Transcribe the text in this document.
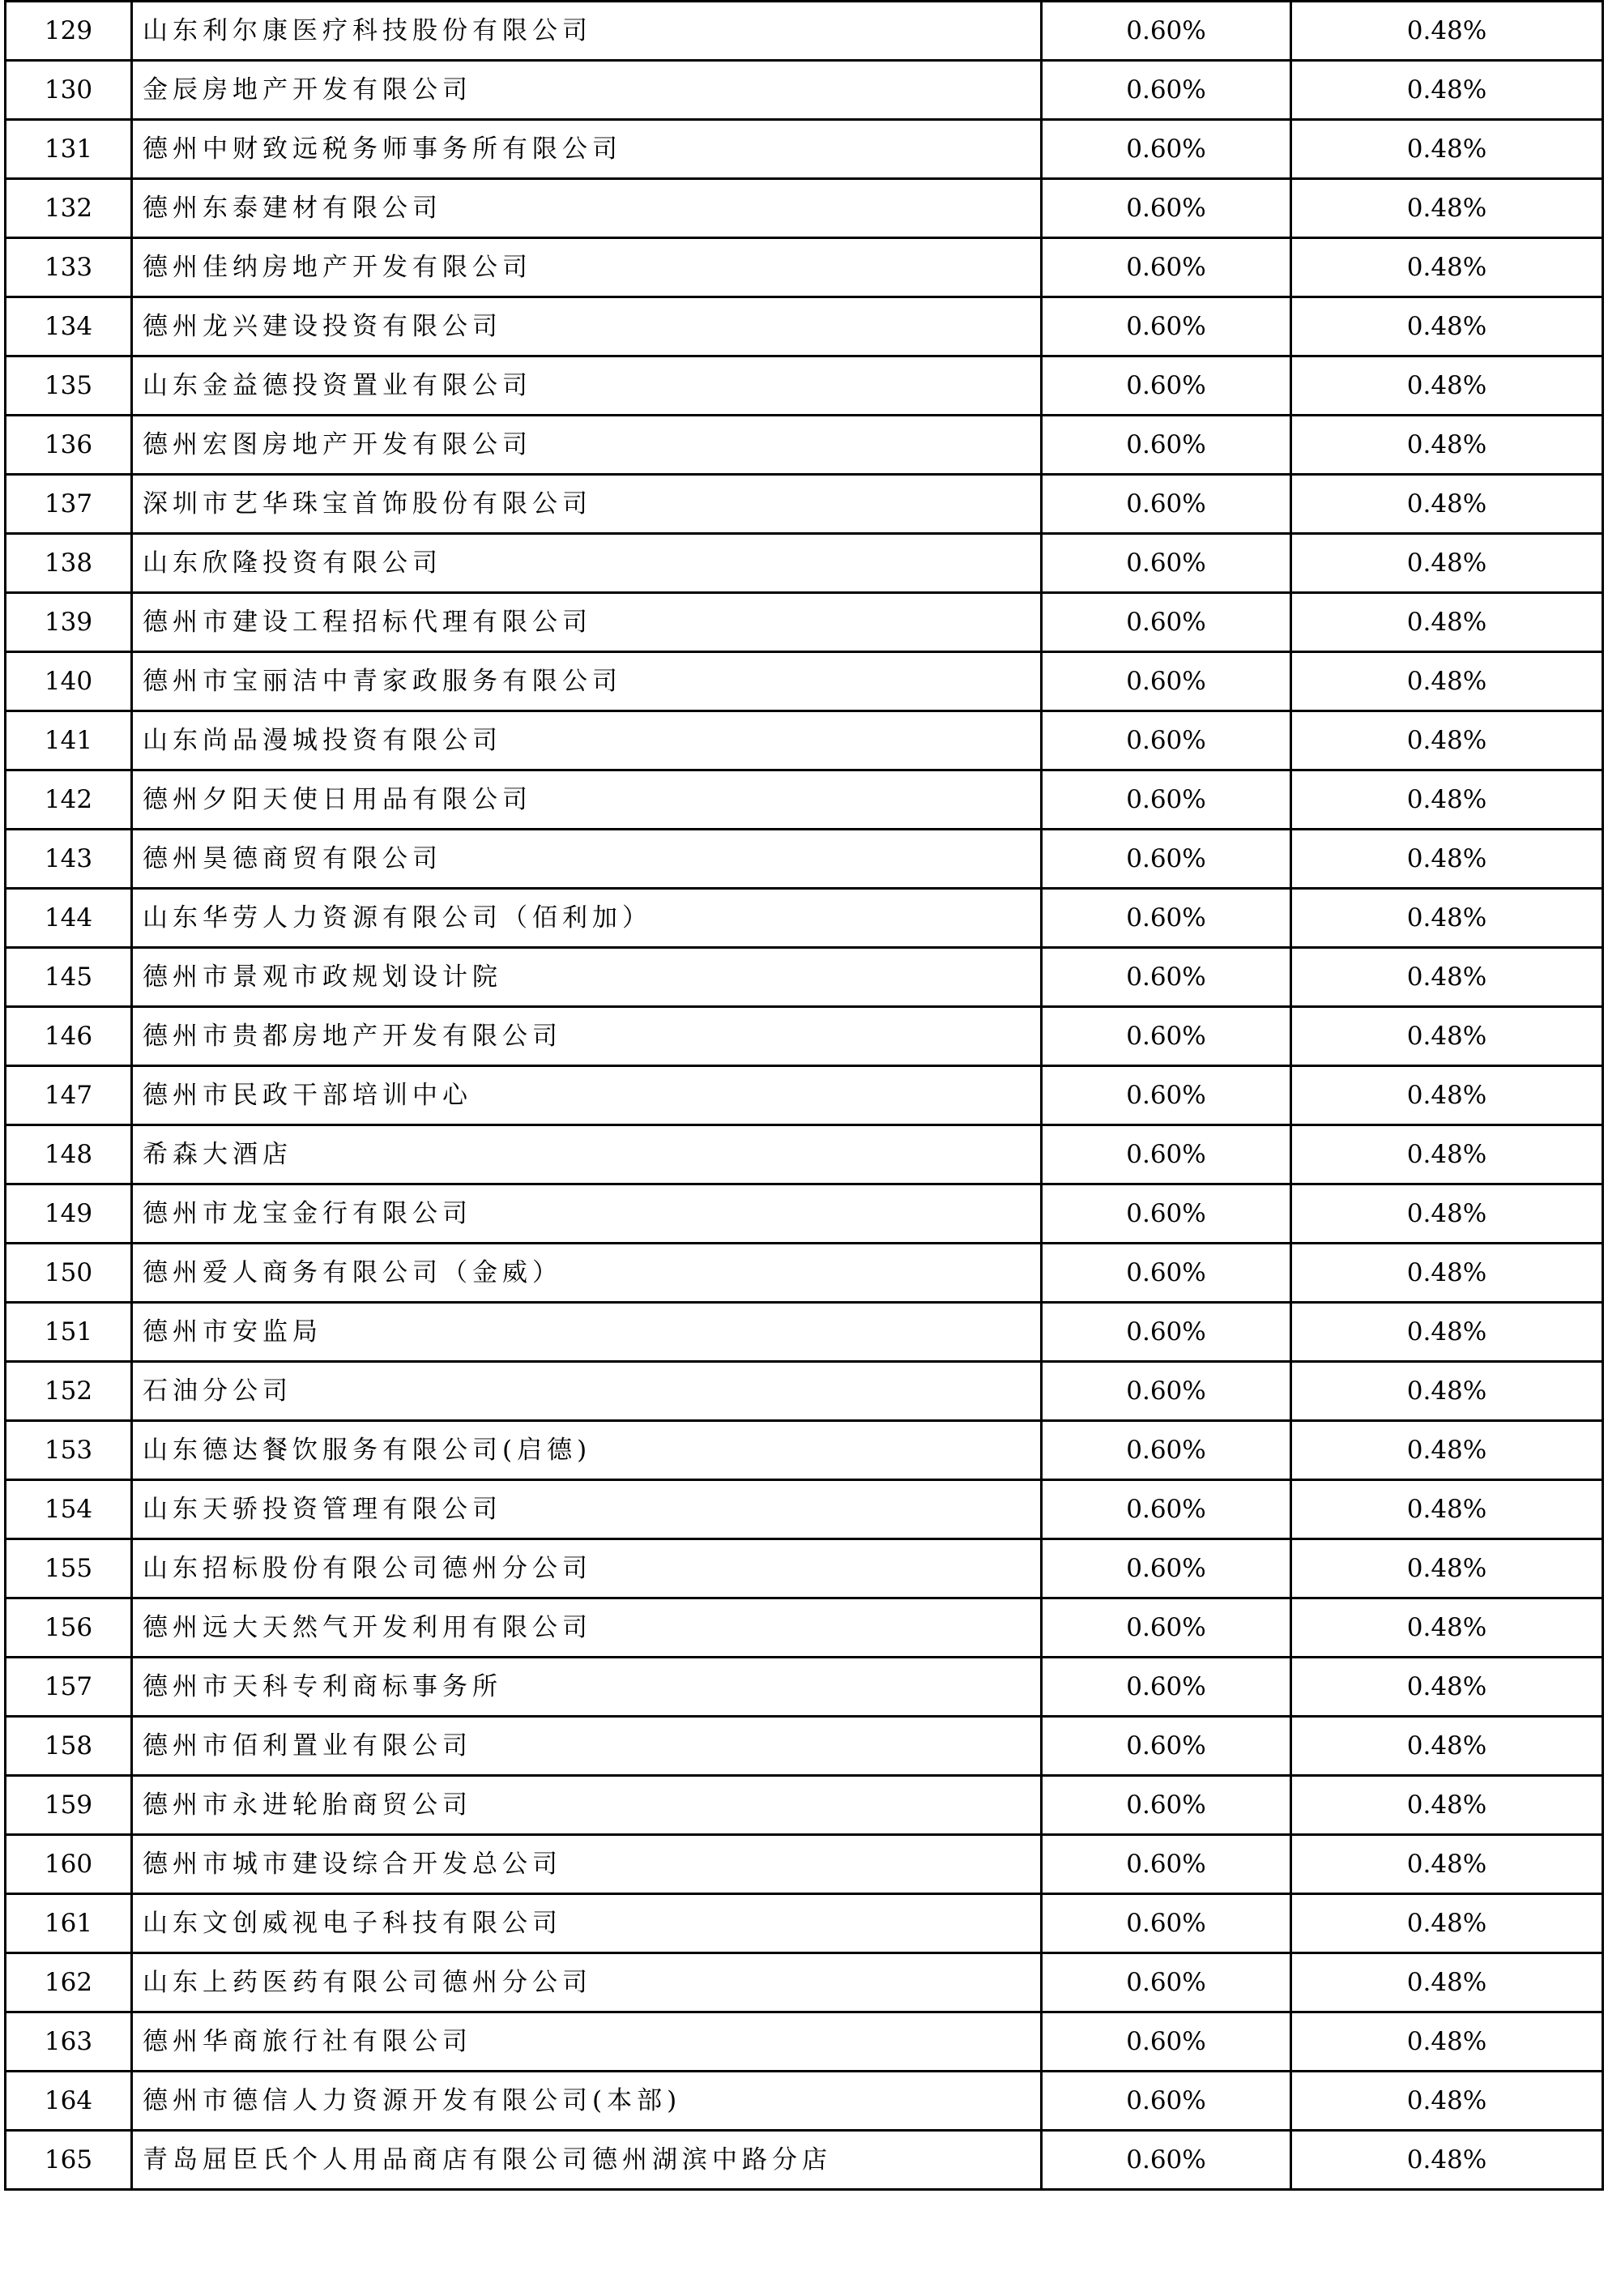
129	山东利尔康医疗科技股份有限公司	0.60%	0.48%
130	金辰房地产开发有限公司	0.60%	0.48%
131	德州中财致远税务师事务所有限公司	0.60%	0.48%
132	德州东泰建材有限公司	0.60%	0.48%
133	德州佳纳房地产开发有限公司	0.60%	0.48%
134	德州龙兴建设投资有限公司	0.60%	0.48%
135	山东金益德投资置业有限公司	0.60%	0.48%
136	德州宏图房地产开发有限公司	0.60%	0.48%
137	深圳市艺华珠宝首饰股份有限公司	0.60%	0.48%
138	山东欣隆投资有限公司	0.60%	0.48%
139	德州市建设工程招标代理有限公司	0.60%	0.48%
140	德州市宝丽洁中青家政服务有限公司	0.60%	0.48%
141	山东尚品漫城投资有限公司	0.60%	0.48%
142	德州夕阳天使日用品有限公司	0.60%	0.48%
143	德州昊德商贸有限公司	0.60%	0.48%
144	山东华劳人力资源有限公司（佰利加）	0.60%	0.48%
145	德州市景观市政规划设计院	0.60%	0.48%
146	德州市贵都房地产开发有限公司	0.60%	0.48%
147	德州市民政干部培训中心	0.60%	0.48%
148	希森大酒店	0.60%	0.48%
149	德州市龙宝金行有限公司	0.60%	0.48%
150	德州爱人商务有限公司（金威）	0.60%	0.48%
151	德州市安监局	0.60%	0.48%
152	石油分公司	0.60%	0.48%
153	山东德达餐饮服务有限公司(启德)	0.60%	0.48%
154	山东天骄投资管理有限公司	0.60%	0.48%
155	山东招标股份有限公司德州分公司	0.60%	0.48%
156	德州远大天然气开发利用有限公司	0.60%	0.48%
157	德州市天科专利商标事务所	0.60%	0.48%
158	德州市佰利置业有限公司	0.60%	0.48%
159	德州市永进轮胎商贸公司	0.60%	0.48%
160	德州市城市建设综合开发总公司	0.60%	0.48%
161	山东文创威视电子科技有限公司	0.60%	0.48%
162	山东上药医药有限公司德州分公司	0.60%	0.48%
163	德州华商旅行社有限公司	0.60%	0.48%
164	德州市德信人力资源开发有限公司(本部)	0.60%	0.48%
165	青岛屈臣氏个人用品商店有限公司德州湖滨中路分店	0.60%	0.48%
